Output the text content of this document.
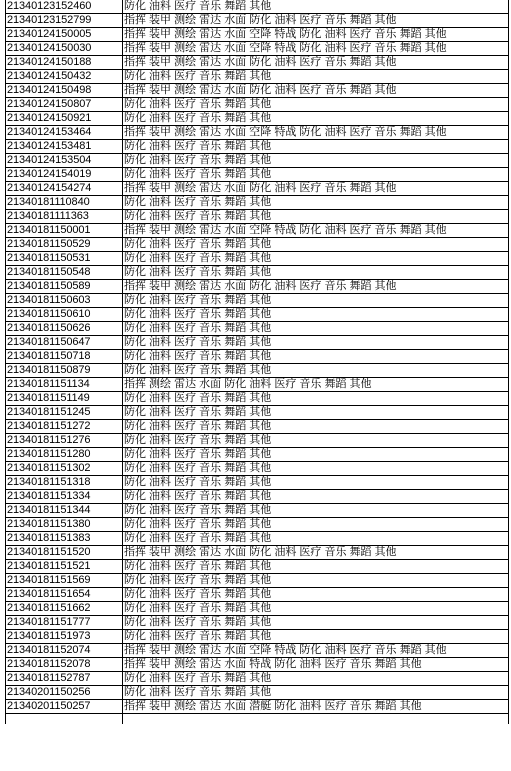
21340123152460	防化 油料 医疗 音乐 舞蹈 其他
21340123152799	指挥 装甲 测绘 雷达 水面 防化 油料 医疗 音乐 舞蹈 其他
21340124150005	指挥 装甲 测绘 雷达 水面 空降 特战 防化 油料 医疗 音乐 舞蹈 其他
21340124150030	指挥 装甲 测绘 雷达 水面 空降 特战 防化 油料 医疗 音乐 舞蹈 其他
21340124150188	指挥 装甲 测绘 雷达 水面 防化 油料 医疗 音乐 舞蹈 其他
21340124150432	防化 油料 医疗 音乐 舞蹈 其他
21340124150498	指挥 装甲 测绘 雷达 水面 防化 油料 医疗 音乐 舞蹈 其他
21340124150807	防化 油料 医疗 音乐 舞蹈 其他
21340124150921	防化 油料 医疗 音乐 舞蹈 其他
21340124153464	指挥 装甲 测绘 雷达 水面 空降 特战 防化 油料 医疗 音乐 舞蹈 其他
21340124153481	防化 油料 医疗 音乐 舞蹈 其他
21340124153504	防化 油料 医疗 音乐 舞蹈 其他
21340124154019	防化 油料 医疗 音乐 舞蹈 其他
21340124154274	指挥 装甲 测绘 雷达 水面 防化 油料 医疗 音乐 舞蹈 其他
21340181110840	防化 油料 医疗 音乐 舞蹈 其他
21340181111363	防化 油料 医疗 音乐 舞蹈 其他
21340181150001	指挥 装甲 测绘 雷达 水面 空降 特战 防化 油料 医疗 音乐 舞蹈 其他
21340181150529	防化 油料 医疗 音乐 舞蹈 其他
21340181150531	防化 油料 医疗 音乐 舞蹈 其他
21340181150548	防化 油料 医疗 音乐 舞蹈 其他
21340181150589	指挥 装甲 测绘 雷达 水面 防化 油料 医疗 音乐 舞蹈 其他
21340181150603	防化 油料 医疗 音乐 舞蹈 其他
21340181150610	防化 油料 医疗 音乐 舞蹈 其他
21340181150626	防化 油料 医疗 音乐 舞蹈 其他
21340181150647	防化 油料 医疗 音乐 舞蹈 其他
21340181150718	防化 油料 医疗 音乐 舞蹈 其他
21340181150879	防化 油料 医疗 音乐 舞蹈 其他
21340181151134	指挥 测绘 雷达 水面 防化 油料 医疗 音乐 舞蹈 其他
21340181151149	防化 油料 医疗 音乐 舞蹈 其他
21340181151245	防化 油料 医疗 音乐 舞蹈 其他
21340181151272	防化 油料 医疗 音乐 舞蹈 其他
21340181151276	防化 油料 医疗 音乐 舞蹈 其他
21340181151280	防化 油料 医疗 音乐 舞蹈 其他
21340181151302	防化 油料 医疗 音乐 舞蹈 其他
21340181151318	防化 油料 医疗 音乐 舞蹈 其他
21340181151334	防化 油料 医疗 音乐 舞蹈 其他
21340181151344	防化 油料 医疗 音乐 舞蹈 其他
21340181151380	防化 油料 医疗 音乐 舞蹈 其他
21340181151383	防化 油料 医疗 音乐 舞蹈 其他
21340181151520	指挥 装甲 测绘 雷达 水面 防化 油料 医疗 音乐 舞蹈 其他
21340181151521	防化 油料 医疗 音乐 舞蹈 其他
21340181151569	防化 油料 医疗 音乐 舞蹈 其他
21340181151654	防化 油料 医疗 音乐 舞蹈 其他
21340181151662	防化 油料 医疗 音乐 舞蹈 其他
21340181151777	防化 油料 医疗 音乐 舞蹈 其他
21340181151973	防化 油料 医疗 音乐 舞蹈 其他
21340181152074	指挥 装甲 测绘 雷达 水面 空降 特战 防化 油料 医疗 音乐 舞蹈 其他
21340181152078	指挥 装甲 测绘 雷达 水面 特战 防化 油料 医疗 音乐 舞蹈 其他
21340181152787	防化 油料 医疗 音乐 舞蹈 其他
21340201150256	防化 油料 医疗 音乐 舞蹈 其他
21340201150257	指挥 装甲 测绘 雷达 水面 潜艇 防化 油料 医疗 音乐 舞蹈 其他
